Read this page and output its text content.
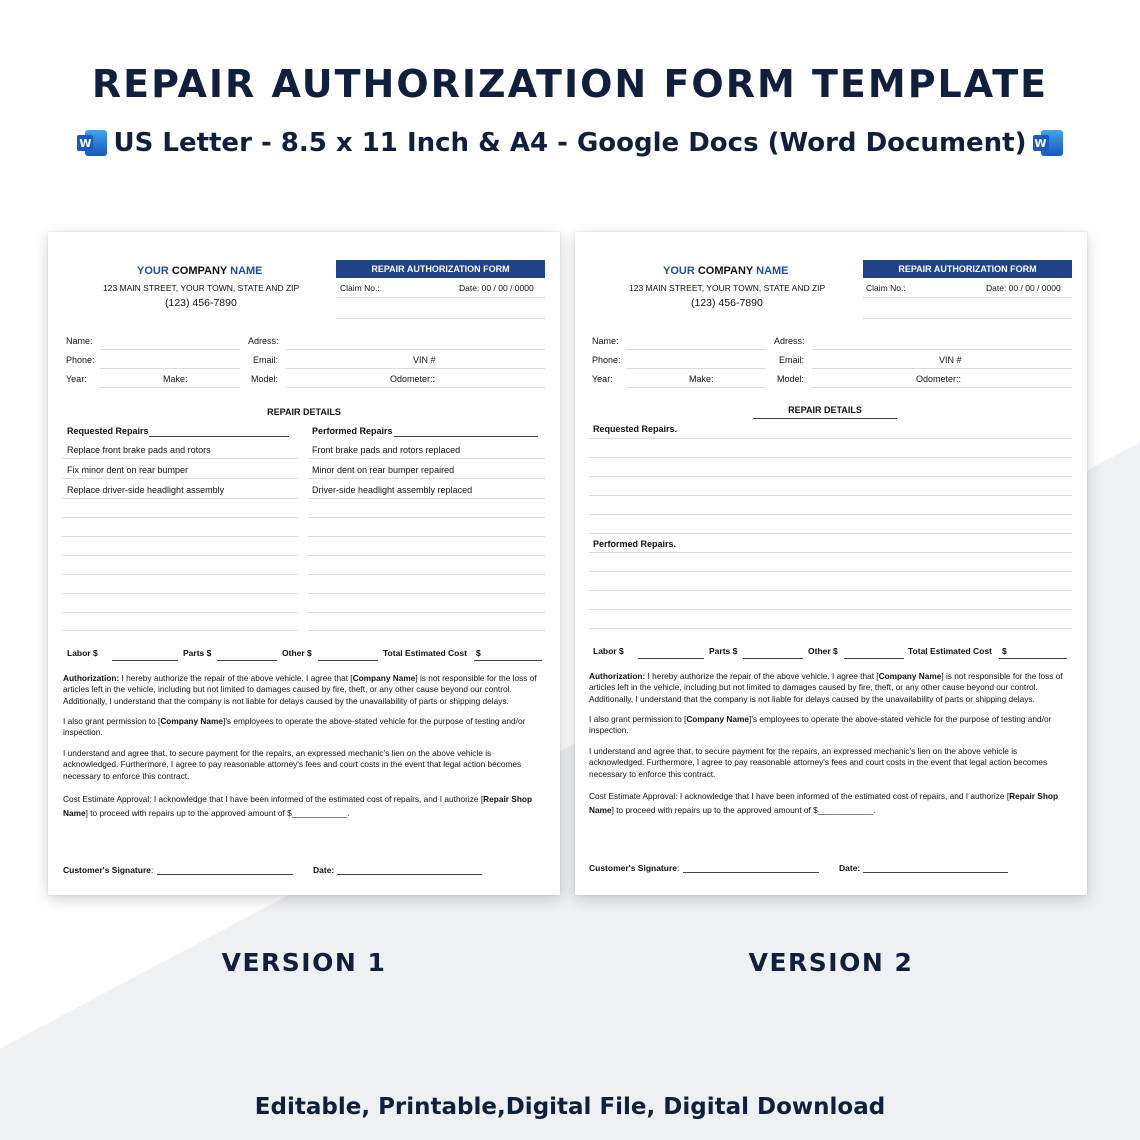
REPAIR AUTHORIZATION FORM TEMPLATE
W US Letter - 8.5 x 11 Inch & A4 - Google Docs (Word Document) W
YOUR COMPANY NAME
123 MAIN STREET, YOUR TOWN, STATE AND ZIP
(123) 456-7890
REPAIR AUTHORIZATION FORM
Claim No.:	Date: 00 / 00 / 0000
Name:	Adress:
Phone:	Email:	VIN #
Year:	Make:	Model:	Odometer::
REPAIR DETAILS
Requested Repairs	Performed Repairs
Replace front brake pads and rotors	Front brake pads and rotors replaced
Fix minor dent on rear bumper	Minor dent on rear bumper repaired
Replace driver-side headlight assembly	Driver-side headlight assembly replaced
Labor $	Parts $	Other $	Total Estimated Cost $
Authorization: I hereby authorize the repair of the above vehicle. I agree that [Company Name] is not responsible for the loss of articles left in the vehicle, including but not limited to damages caused by fire, theft, or any other cause beyond our control. Additionally, I understand that the company is not liable for delays caused by the unavailability of parts or shipping delays.
I also grant permission to [Company Name]'s employees to operate the above-stated vehicle for the purpose of testing and/or inspection.
I understand and agree that, to secure payment for the repairs, an expressed mechanic's lien on the above vehicle is acknowledged. Furthermore, I agree to pay reasonable attorney's fees and court costs in the event that legal action becomes necessary to enforce this contract.
Cost Estimate Approval: I acknowledge that I have been informed of the estimated cost of repairs, and I authorize [Repair Shop Name] to proceed with repairs up to the approved amount of $____________.
Customer's Signature:	Date:
YOUR COMPANY NAME
123 MAIN STREET, YOUR TOWN, STATE AND ZIP
(123) 456-7890
REPAIR AUTHORIZATION FORM
Claim No.:	Date: 00 / 00 / 0000
Name:	Adress:
Phone:	Email:	VIN #
Year:	Make:	Model:	Odometer::
REPAIR DETAILS
Requested Repairs.
Performed Repairs.
Labor $	Parts $	Other $	Total Estimated Cost $
Authorization: I hereby authorize the repair of the above vehicle. I agree that [Company Name] is not responsible for the loss of articles left in the vehicle, including but not limited to damages caused by fire, theft, or any other cause beyond our control. Additionally, I understand that the company is not liable for delays caused by the unavailability of parts or shipping delays.
I also grant permission to [Company Name]'s employees to operate the above-stated vehicle for the purpose of testing and/or inspection.
I understand and agree that, to secure payment for the repairs, an expressed mechanic's lien on the above vehicle is acknowledged. Furthermore, I agree to pay reasonable attorney's fees and court costs in the event that legal action becomes necessary to enforce this contract.
Cost Estimate Approval: I acknowledge that I have been informed of the estimated cost of repairs, and I authorize [Repair Shop Name] to proceed with repairs up to the approved amount of $____________.
Customer's Signature:	Date:
VERSION 1	VERSION 2
Editable, Printable,Digital File, Digital Download
